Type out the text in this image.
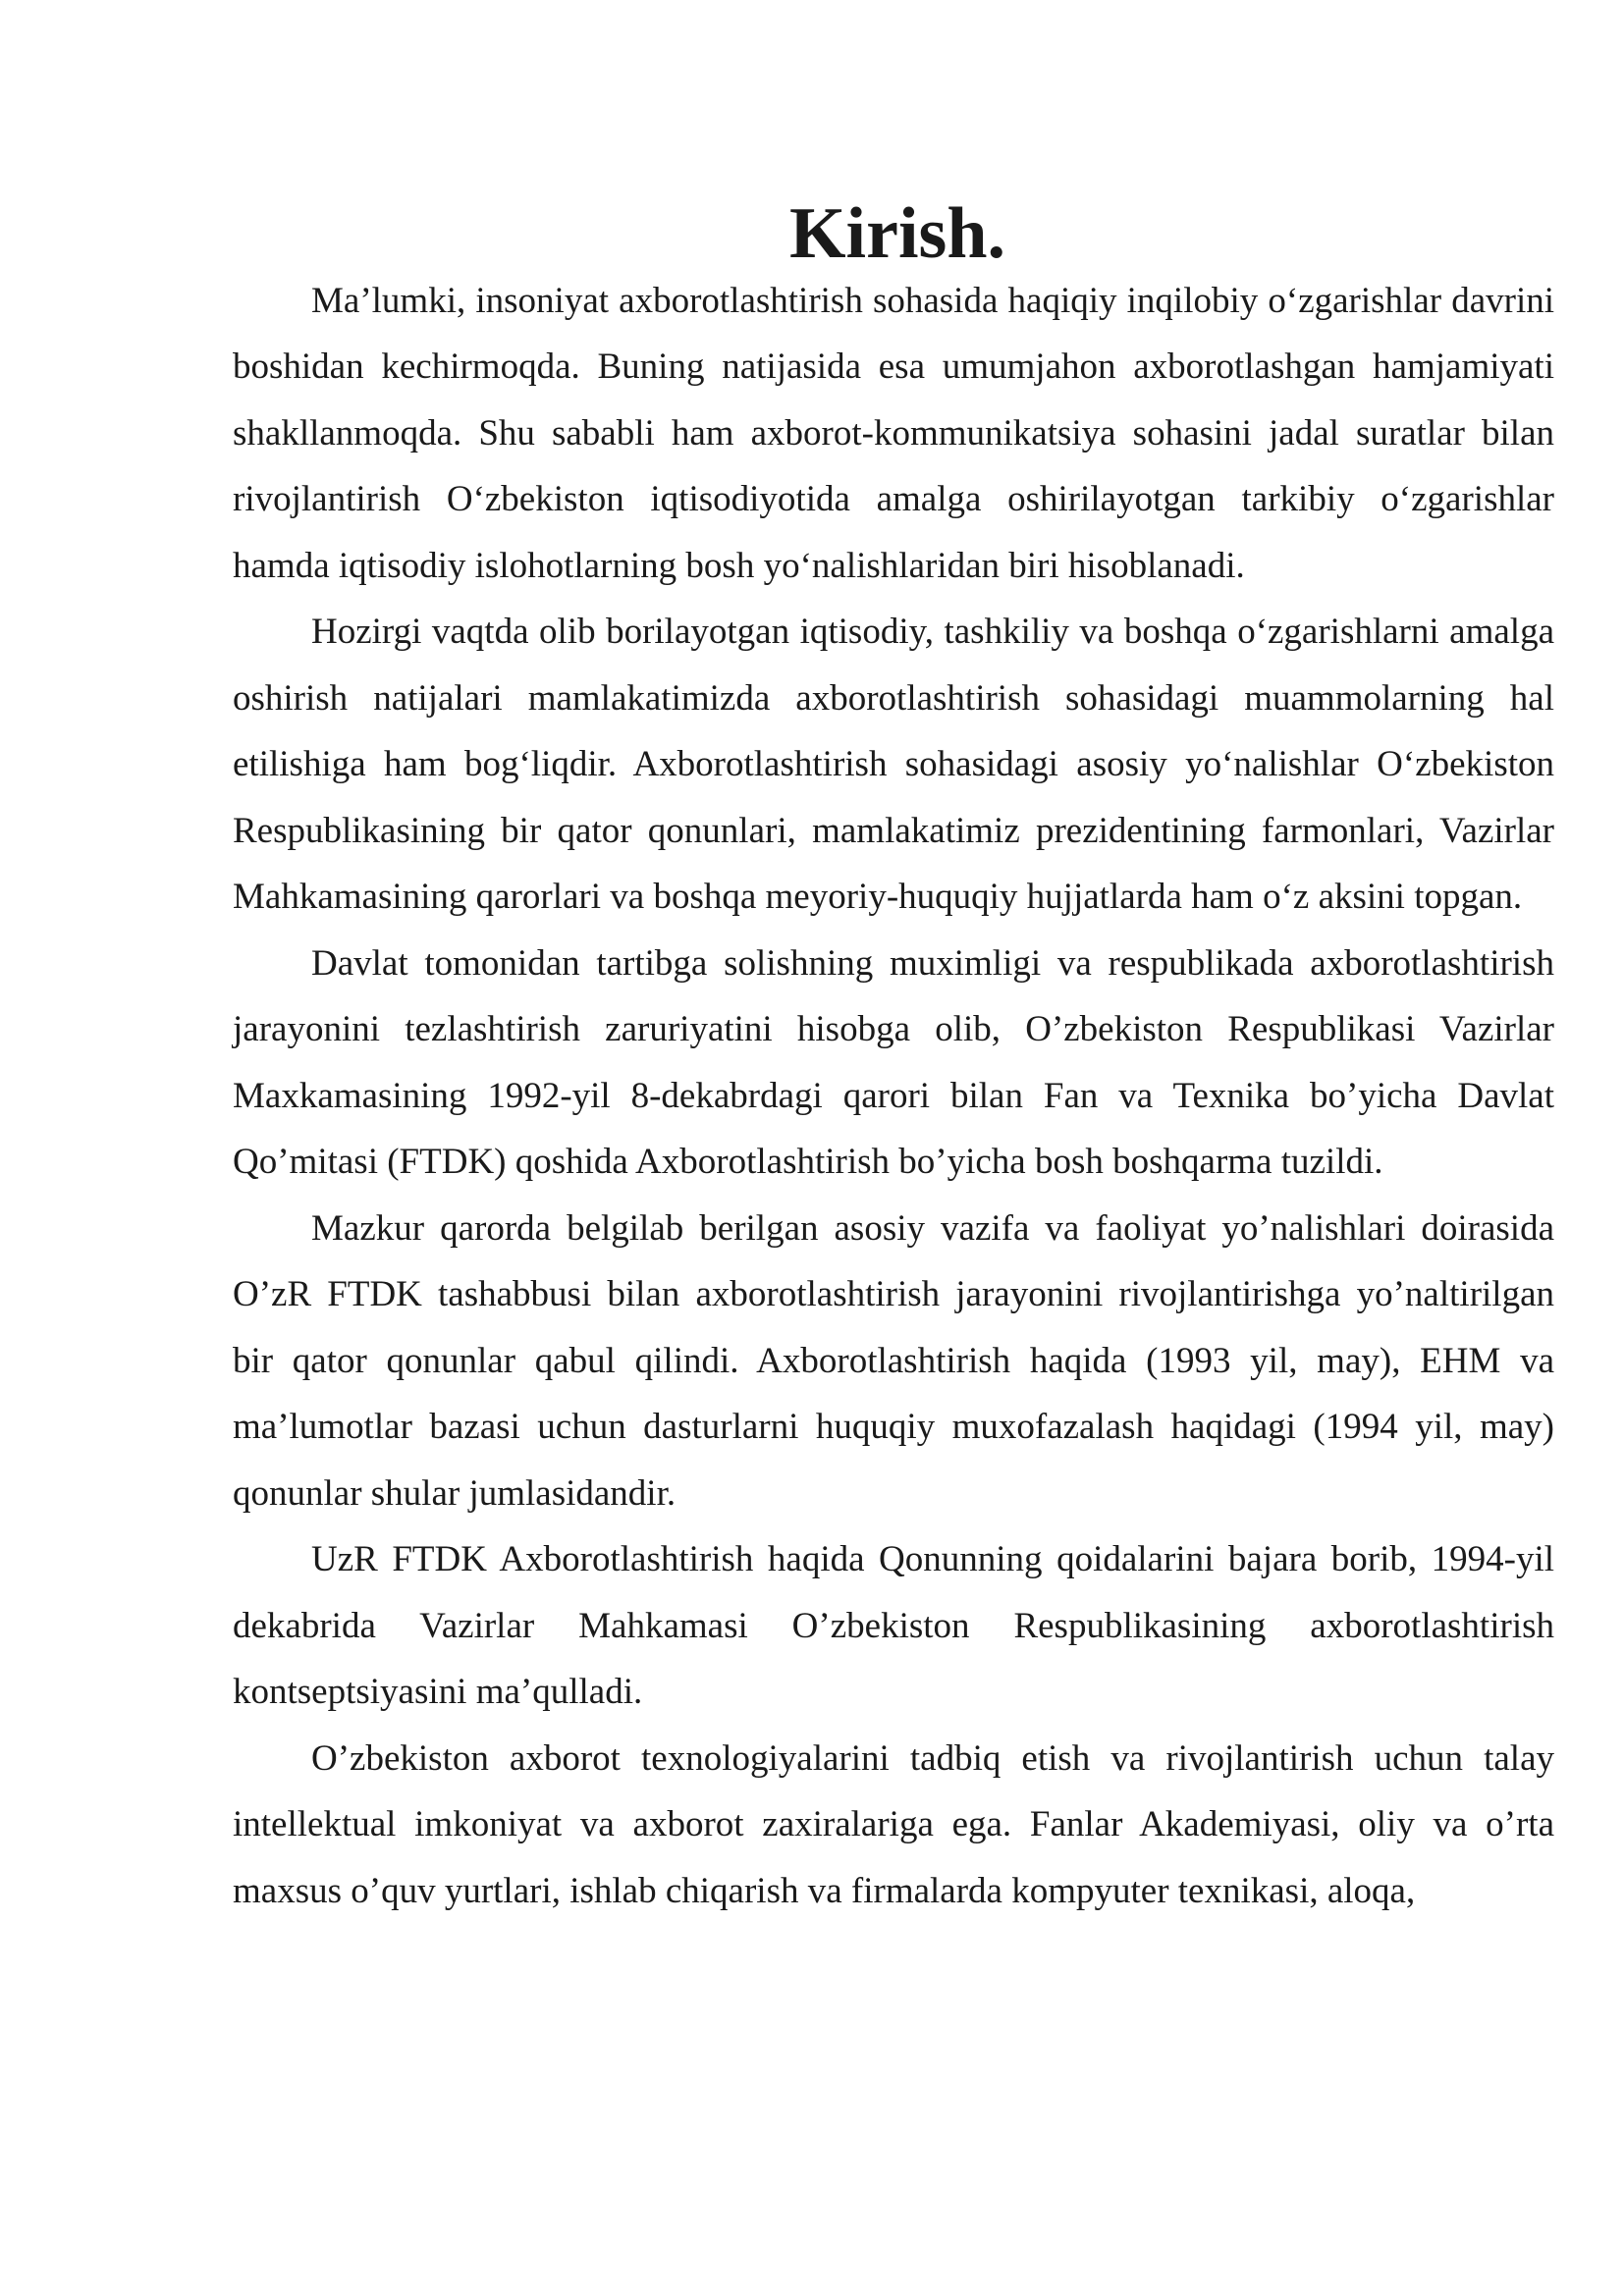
Kirish.

Ma’lumki, insoniyat axborotlashtirish sohasida haqiqiy inqilobiy o‘zgarishlar davrini boshidan kechirmoqda. Buning natijasida esa umumjahon axborotlashgan hamjamiyati shakllanmoqda. Shu sababli ham axborot-kommunikatsiya sohasini jadal suratlar bilan rivojlantirish O‘zbekiston iqtisodiyotida amalga oshirilayotgan tarkibiy o‘zgarishlar hamda iqtisodiy islohotlarning bosh yo‘nalishlaridan biri hisoblanadi.

Hozirgi vaqtda olib borilayotgan iqtisodiy, tashkiliy va boshqa o‘zgarishlarni amalga oshirish natijalari mamlakatimizda axborotlashtirish sohasidagi muammolarning hal etilishiga ham bog‘liqdir. Axborotlashtirish sohasidagi asosiy yo‘nalishlar O‘zbekiston Respublikasining bir qator qonunlari, mamlakatimiz prezidentining farmonlari, Vazirlar Mahkamasining qarorlari va boshqa meyoriy-huquqiy hujjatlarda ham o‘z aksini topgan.

Davlat tomonidan tartibga solishning muximligi va respublikada axborotlashtirish jarayonini tezlashtirish zaruriyatini hisobga olib, O’zbekiston Respublikasi Vazirlar Maxkamasining 1992-yil 8-dekabrdagi qarori bilan Fan va Texnika bo’yicha Davlat Qo’mitasi (FTDK) qoshida Axborotlashtirish bo’yicha bosh boshqarma tuzildi.

Mazkur qarorda belgilab berilgan asosiy vazifa va faoliyat yo’nalishlari doirasida O’zR FTDK tashabbusi bilan axborotlashtirish jarayonini rivojlantirishga yo’naltirilgan bir qator qonunlar qabul qilindi. Axborotlashtirish haqida (1993 yil, may), EHM va ma’lumotlar bazasi uchun dasturlarni huquqiy muxofazalash haqidagi (1994 yil, may) qonunlar shular jumlasidandir.

UzR FTDK Axborotlashtirish haqida Qonunning qoidalarini bajara borib, 1994-yil dekabrida Vazirlar Mahkamasi O’zbekiston Respublikasining axborotlashtirish kontseptsiyasini ma’qulladi.

O’zbekiston axborot texnologiyalarini tadbiq etish va rivojlantirish uchun talay intellektual imkoniyat va axborot zaxiralariga ega. Fanlar Akademiyasi, oliy va o’rta maxsus o’quv yurtlari, ishlab chiqarish va firmalarda kompyuter texnikasi, aloqa,
